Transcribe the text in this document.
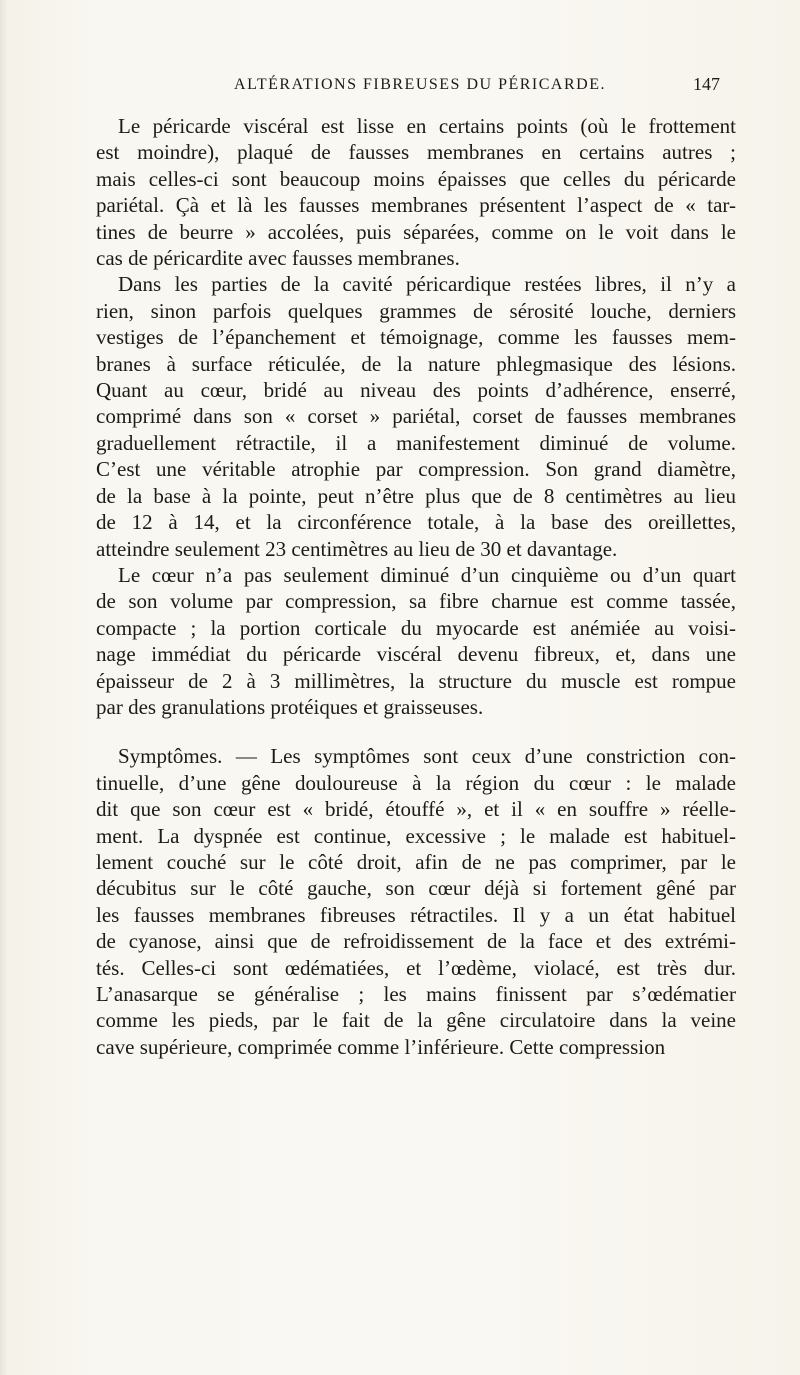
ALTÉRATIONS FIBREUSES DU PÉRICARDE.	147
Le péricarde viscéral est lisse en certains points (où le frottement
est moindre), plaqué de fausses membranes en certains autres ;
mais celles-ci sont beaucoup moins épaisses que celles du péricarde
pariétal. Çà et là les fausses membranes présentent l’aspect de « tar-
tines de beurre » accolées, puis séparées, comme on le voit dans le
cas de péricardite avec fausses membranes.
Dans les parties de la cavité péricardique restées libres, il n’y a
rien, sinon parfois quelques grammes de sérosité louche, derniers
vestiges de l’épanchement et témoignage, comme les fausses mem-
branes à surface réticulée, de la nature phlegmasique des lésions.
Quant au cœur, bridé au niveau des points d’adhérence, enserré,
comprimé dans son « corset » pariétal, corset de fausses membranes
graduellement rétractile, il a manifestement diminué de volume.
C’est une véritable atrophie par compression. Son grand diamètre,
de la base à la pointe, peut n’être plus que de 8 centimètres au lieu
de 12 à 14, et la circonférence totale, à la base des oreillettes,
atteindre seulement 23 centimètres au lieu de 30 et davantage.
Le cœur n’a pas seulement diminué d’un cinquième ou d’un quart
de son volume par compression, sa fibre charnue est comme tassée,
compacte ; la portion corticale du myocarde est anémiée au voisi-
nage immédiat du péricarde viscéral devenu fibreux, et, dans une
épaisseur de 2 à 3 millimètres, la structure du muscle est rompue
par des granulations protéiques et graisseuses.
Symptômes. — Les symptômes sont ceux d’une constriction con-
tinuelle, d’une gêne douloureuse à la région du cœur : le malade
dit que son cœur est « bridé, étouffé », et il « en souffre » réelle-
ment. La dyspnée est continue, excessive ; le malade est habituel-
lement couché sur le côté droit, afin de ne pas comprimer, par le
décubitus sur le côté gauche, son cœur déjà si fortement gêné par
les fausses membranes fibreuses rétractiles. Il y a un état habituel
de cyanose, ainsi que de refroidissement de la face et des extrémi-
tés. Celles-ci sont œdématiées, et l’œdème, violacé, est très dur.
L’anasarque se généralise ; les mains finissent par s’œdématier
comme les pieds, par le fait de la gêne circulatoire dans la veine
cave supérieure, comprimée comme l’inférieure. Cette compression
